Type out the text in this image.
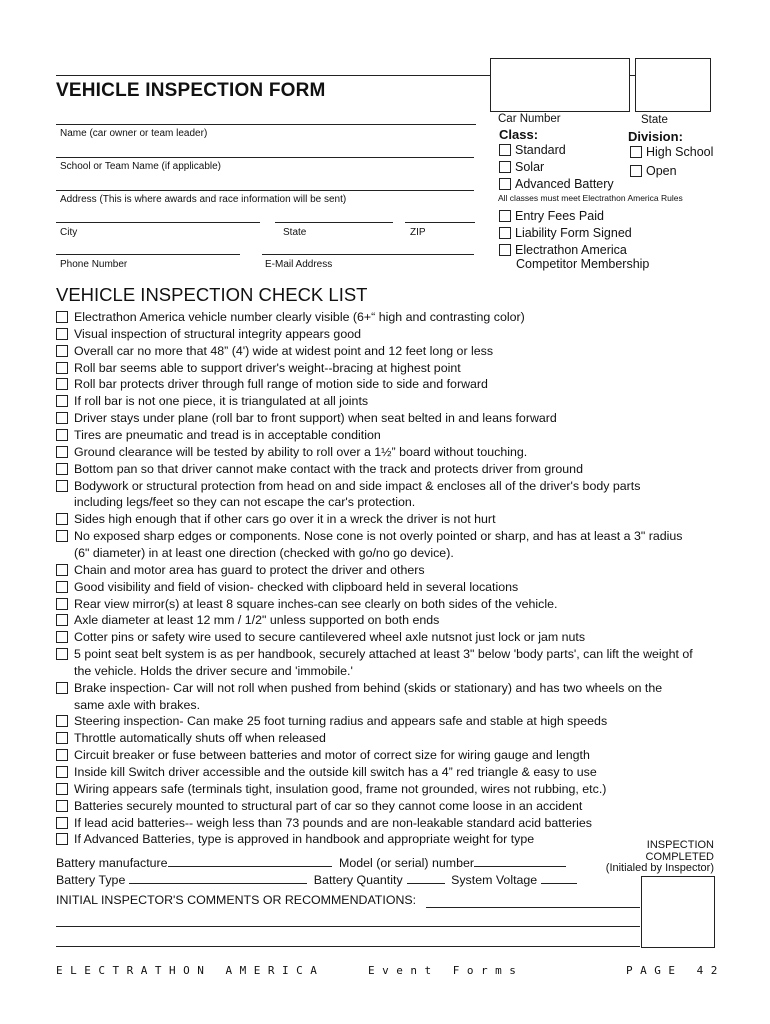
VEHICLE INSPECTION FORM
Car Number	State
Name (car owner or team leader)
School or Team Name (if applicable)
Address (This is where awards and race information will be sent)
City	State	ZIP
Phone Number	E-Mail Address
Class:
Standard
Solar
Advanced Battery
All classes must meet Electrathon America Rules
Division:
High School
Open
Entry Fees Paid
Liability Form Signed
Electrathon America
Competitor Membership
VEHICLE INSPECTION CHECK LIST
Electrathon America vehicle number clearly visible (6+“ high and contrasting color)
Visual inspection of structural integrity appears good
Overall car no more that 48” (4') wide at widest point and 12 feet long or less
Roll bar seems able to support driver's weight--bracing at highest point
Roll bar protects driver through full range of motion side to side and forward
If roll bar is not one piece, it is triangulated at all joints
Driver stays under plane (roll bar to front support) when seat belted in and leans forward
Tires are pneumatic and tread is in acceptable condition
Ground clearance will be tested by ability to roll over a 1½” board without touching.
Bottom pan so that driver cannot make contact with the track and protects driver from ground
Bodywork or structural protection from head on and side impact & encloses all of the driver's body parts
including legs/feet so they can not escape the car's protection.
Sides high enough that if other cars go over it in a wreck the driver is not hurt
No exposed sharp edges or components. Nose cone is not overly pointed or sharp, and has at least a 3" radius
(6" diameter) in at least one direction (checked with go/no go device).
Chain and motor area has guard to protect the driver and others
Good visibility and field of vision- checked with clipboard held in several locations
Rear view mirror(s) at least 8 square inches-can see clearly on both sides of the vehicle.
Axle diameter at least 12 mm / 1/2" unless supported on both ends
Cotter pins or safety wire used to secure cantilevered wheel axle nutsnot just lock or jam nuts
5 point seat belt system is as per handbook, securely attached at least 3" below 'body parts', can lift the weight of
the vehicle. Holds the driver secure and 'immobile.'
Brake inspection- Car will not roll when pushed from behind (skids or stationary) and has two wheels on the
same axle with brakes.
Steering inspection- Can make 25 foot turning radius and appears safe and stable at high speeds
Throttle automatically shuts off when released
Circuit breaker or fuse between batteries and motor of correct size for wiring gauge and length
Inside kill Switch driver accessible and the outside kill switch has a 4” red triangle & easy to use
Wiring appears safe (terminals tight, insulation good, frame not grounded, wires not rubbing, etc.)
Batteries securely mounted to structural part of car so they cannot come loose in an accident
If lead acid batteries-- weigh less than 73 pounds and are non-leakable standard acid batteries
If Advanced Batteries, type is approved in handbook and appropriate weight for type
Battery manufacture	Model (or serial) number
Battery Type	Battery Quantity	System Voltage
INITIAL INSPECTOR'S COMMENTS OR RECOMMENDATIONS:
INSPECTION
COMPLETED
(Initialed by Inspector)
ELECTRATHON AMERICA	Event Forms	PAGE 42
